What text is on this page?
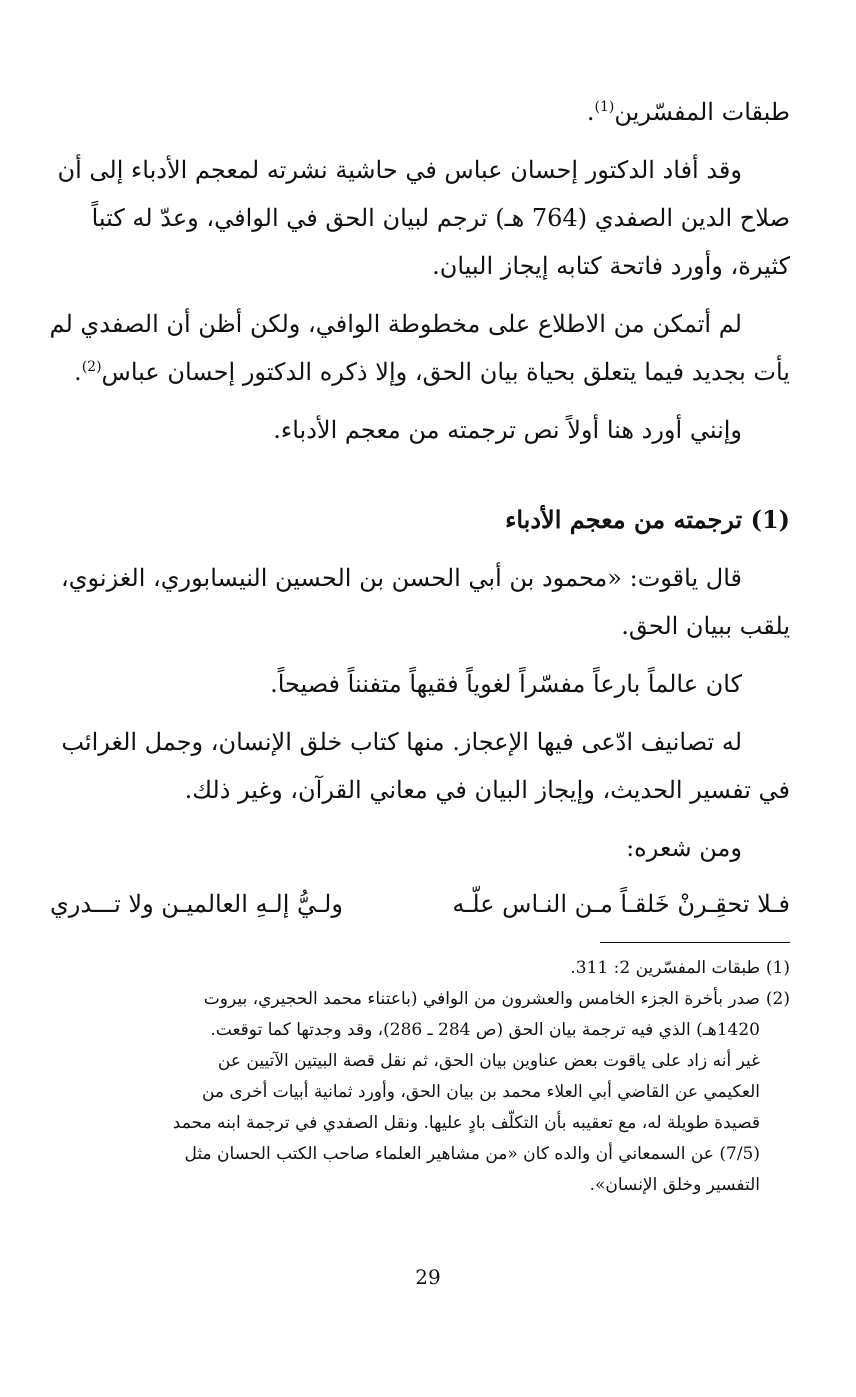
طبقات المفسّرين$^{(1)}$.
وقد أفاد الدكتور إحسان عباس في حاشية نشرته لمعجم الأدباء إلى أن
صلاح الدين الصفدي (764 هـ) ترجم لبيان الحق في الوافي، وعدّ له كتباً
كثيرة، وأورد فاتحة كتابه إيجاز البيان.
لم أتمكن من الاطلاع على مخطوطة الوافي، ولكن أظن أن الصفدي لم
يأت بجديد فيما يتعلق بحياة بيان الحق، وإلا ذكره الدكتور إحسان عباس$^{(2)}$.
وإنني أورد هنا أولاً نص ترجمته من معجم الأدباء.
(1) ترجمته من معجم الأدباء
قال ياقوت: «محمود بن أبي الحسن بن الحسين النيسابوري، الغزنوي،
يلقب ببيان الحق.
كان عالماً بارعاً مفسّراً لغوياً فقيهاً متفنناً فصيحاً.
له تصانيف ادّعى فيها الإعجاز. منها كتاب خلق الإنسان، وجمل الغرائب
في تفسير الحديث، وإيجاز البيان في معاني القرآن، وغير ذلك.
ومن شعره:
فـلا تحقِـرنْ خَلقـاً مـن النـاس علّـه
ولـيُّ إلـهِ العالميـن ولا تـــدري
(1)
طبقات المفسّرين 2: 311.
(2)
صدر بأخرة الجزء الخامس والعشرون من الوافي (باعتناء محمد الحجيري، بيروت
1420هـ) الذي فيه ترجمة بيان الحق (ص 284 ـ 286)، وقد وجدتها كما توقعت.
غير أنه زاد على ياقوت بعض عناوين بيان الحق، ثم نقل قصة البيتين الآتيين عن
العكيمي عن القاضي أبي العلاء محمد بن بيان الحق، وأورد ثمانية أبيات أخرى من
قصيدة طويلة له، مع تعقيبه بأن التكلّف بادٍ عليها. ونقل الصفدي في ترجمة ابنه محمد
(7/5) عن السمعاني أن والده كان «من مشاهير العلماء صاحب الكتب الحسان مثل
التفسير وخلق الإنسان».
29
